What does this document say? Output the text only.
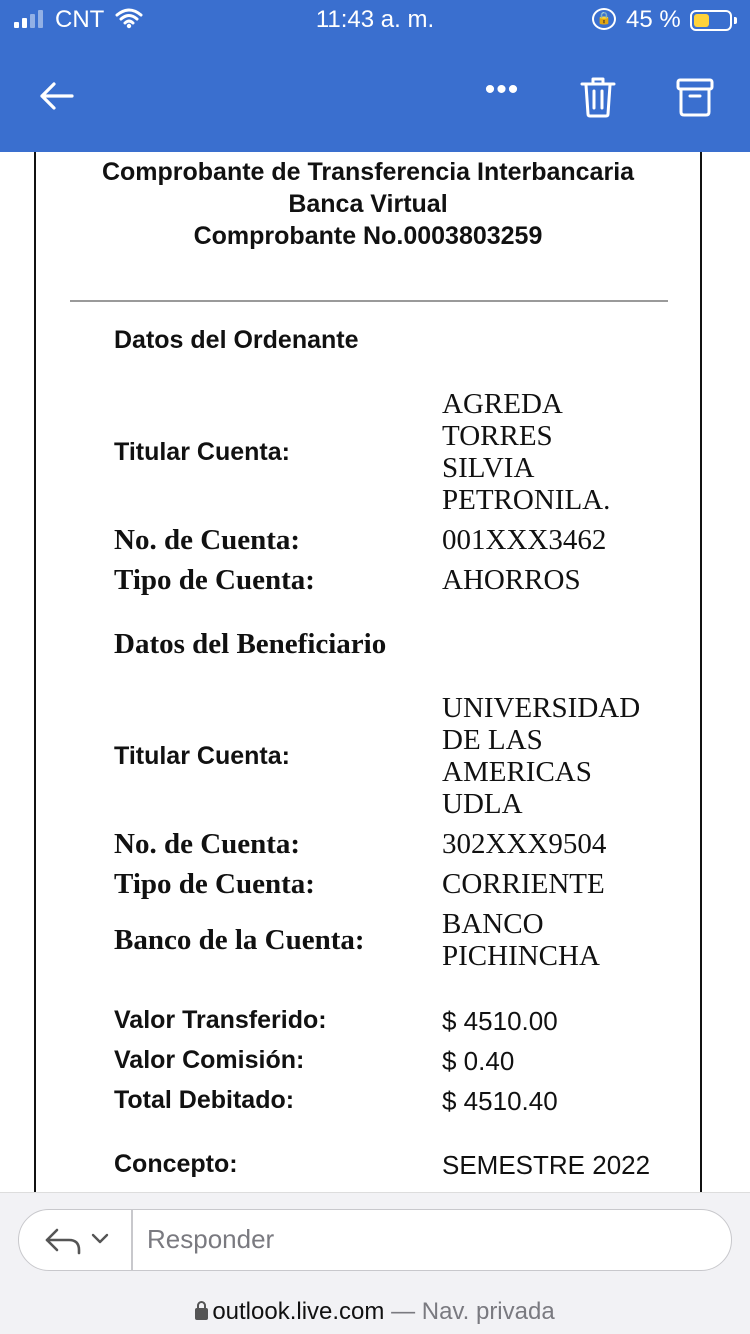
CNT	11:43 a. m.	🔒 45 %
•••
Comprobante de Transferencia Interbancaria
Banca Virtual
Comprobante No.0003803259
Datos del Ordenante
Titular Cuenta:
AGREDA
TORRES
SILVIA
PETRONILA.
No. de Cuenta:	001XXX3462
Tipo de Cuenta:	AHORROS
Datos del Beneficiario
Titular Cuenta:
UNIVERSIDAD
DE LAS
AMERICAS
UDLA
No. de Cuenta:	302XXX9504
Tipo de Cuenta:	CORRIENTE
Banco de la Cuenta:	BANCO
PICHINCHA
Valor Transferido:	$ 4510.00
Valor Comisión:	$ 0.40
Total Debitado:	$ 4510.40
Concepto:	SEMESTRE 2022
Responder
outlook.live.com — Nav. privada
